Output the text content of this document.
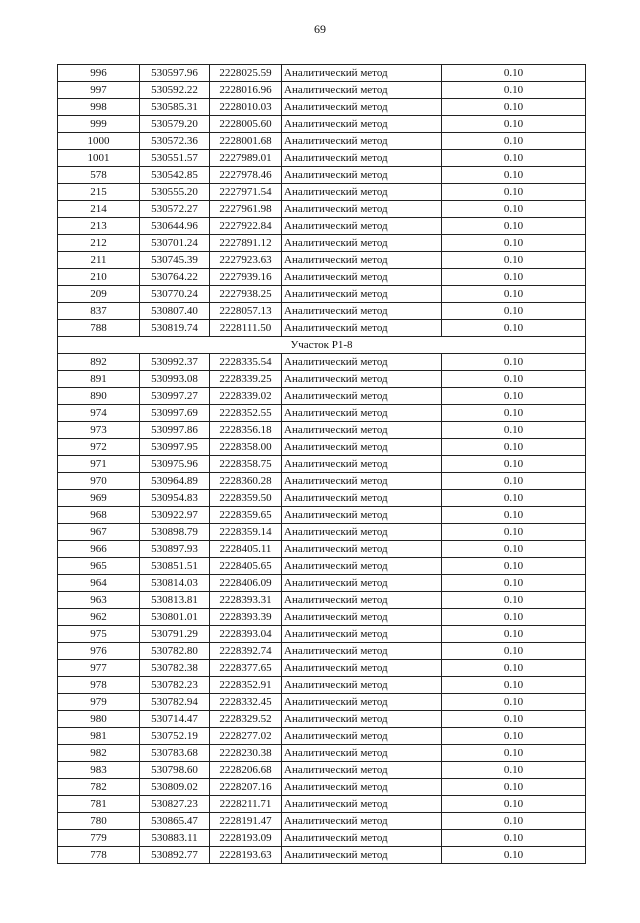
69
996	530597.96	2228025.59	Аналитический метод	0.10
997	530592.22	2228016.96	Аналитический метод	0.10
998	530585.31	2228010.03	Аналитический метод	0.10
999	530579.20	2228005.60	Аналитический метод	0.10
1000	530572.36	2228001.68	Аналитический метод	0.10
1001	530551.57	2227989.01	Аналитический метод	0.10
578	530542.85	2227978.46	Аналитический метод	0.10
215	530555.20	2227971.54	Аналитический метод	0.10
214	530572.27	2227961.98	Аналитический метод	0.10
213	530644.96	2227922.84	Аналитический метод	0.10
212	530701.24	2227891.12	Аналитический метод	0.10
211	530745.39	2227923.63	Аналитический метод	0.10
210	530764.22	2227939.16	Аналитический метод	0.10
209	530770.24	2227938.25	Аналитический метод	0.10
837	530807.40	2228057.13	Аналитический метод	0.10
788	530819.74	2228111.50	Аналитический метод	0.10
Участок Р1-8				
892	530992.37	2228335.54	Аналитический метод	0.10
891	530993.08	2228339.25	Аналитический метод	0.10
890	530997.27	2228339.02	Аналитический метод	0.10
974	530997.69	2228352.55	Аналитический метод	0.10
973	530997.86	2228356.18	Аналитический метод	0.10
972	530997.95	2228358.00	Аналитический метод	0.10
971	530975.96	2228358.75	Аналитический метод	0.10
970	530964.89	2228360.28	Аналитический метод	0.10
969	530954.83	2228359.50	Аналитический метод	0.10
968	530922.97	2228359.65	Аналитический метод	0.10
967	530898.79	2228359.14	Аналитический метод	0.10
966	530897.93	2228405.11	Аналитический метод	0.10
965	530851.51	2228405.65	Аналитический метод	0.10
964	530814.03	2228406.09	Аналитический метод	0.10
963	530813.81	2228393.31	Аналитический метод	0.10
962	530801.01	2228393.39	Аналитический метод	0.10
975	530791.29	2228393.04	Аналитический метод	0.10
976	530782.80	2228392.74	Аналитический метод	0.10
977	530782.38	2228377.65	Аналитический метод	0.10
978	530782.23	2228352.91	Аналитический метод	0.10
979	530782.94	2228332.45	Аналитический метод	0.10
980	530714.47	2228329.52	Аналитический метод	0.10
981	530752.19	2228277.02	Аналитический метод	0.10
982	530783.68	2228230.38	Аналитический метод	0.10
983	530798.60	2228206.68	Аналитический метод	0.10
782	530809.02	2228207.16	Аналитический метод	0.10
781	530827.23	2228211.71	Аналитический метод	0.10
780	530865.47	2228191.47	Аналитический метод	0.10
779	530883.11	2228193.09	Аналитический метод	0.10
778	530892.77	2228193.63	Аналитический метод	0.10
